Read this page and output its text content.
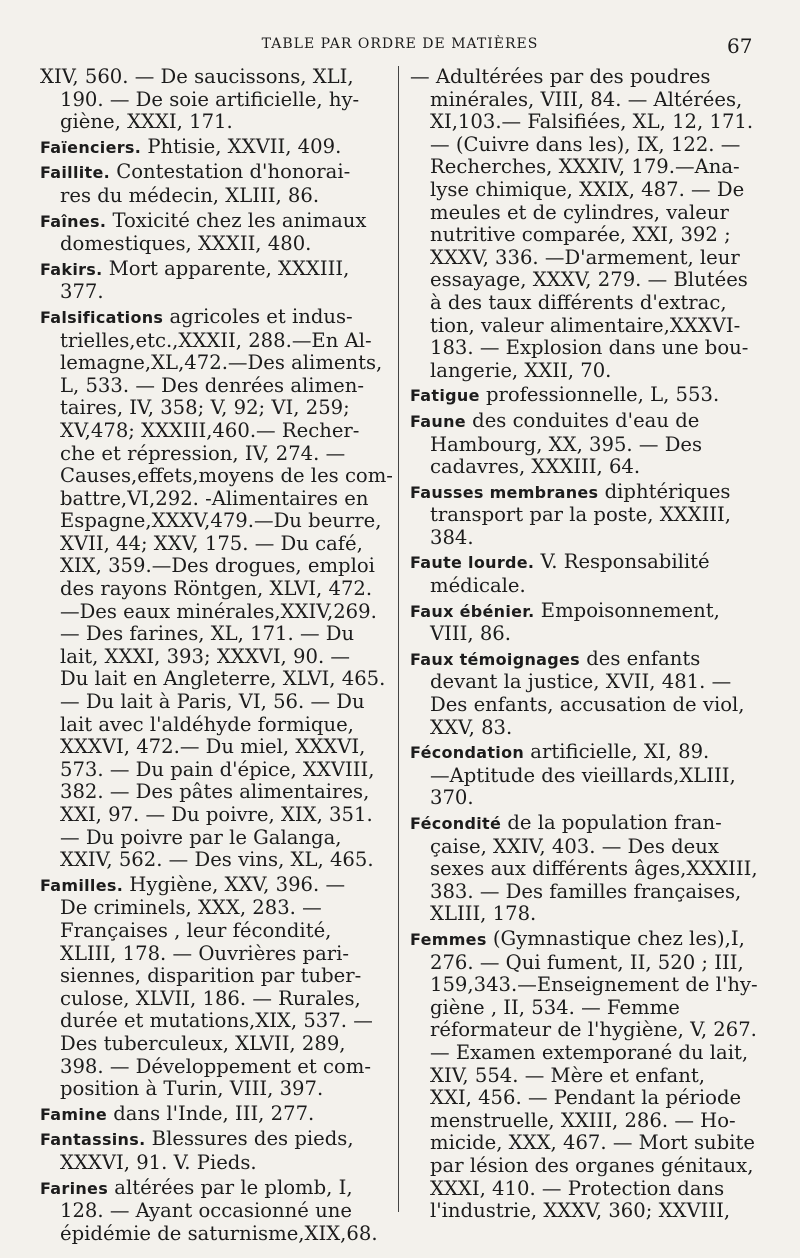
TABLE PAR ORDRE DE MATIÈRES	67
XIV, 560. — De saucissons, XLI,
190. — De soie artificielle, hy-
giène, XXXI, 171.
Faïenciers. Phtisie, XXVII, 409.
Faillite. Contestation d'honorai-
res du médecin, XLIII, 86.
Faînes. Toxicité chez les animaux
domestiques, XXXII, 480.
Fakirs. Mort apparente, XXXIII,
377.
Falsifications agricoles et indus-
trielles,etc.,XXXII, 288.—En Al-
lemagne,XL,472.—Des aliments,
L, 533. — Des denrées alimen-
taires, IV, 358; V, 92; VI, 259;
XV,478; XXXIII,460.— Recher-
che et répression, IV, 274. —
Causes,effets,moyens de les com-
battre,VI,292. -Alimentaires en
Espagne,XXXV,479.—Du beurre,
XVII, 44; XXV, 175. — Du café,
XIX, 359.—Des drogues, emploi
des rayons Röntgen, XLVI, 472.
—Des eaux minérales,XXIV,269.
— Des farines, XL, 171. — Du
lait, XXXI, 393; XXXVI, 90. —
Du lait en Angleterre, XLVI, 465.
— Du lait à Paris, VI, 56. — Du
lait avec l'aldéhyde formique,
XXXVI, 472.— Du miel, XXXVI,
573. — Du pain d'épice, XXVIII,
382. — Des pâtes alimentaires,
XXI, 97. — Du poivre, XIX, 351.
— Du poivre par le Galanga,
XXIV, 562. — Des vins, XL, 465.
Familles. Hygiène, XXV, 396. —
De criminels, XXX, 283. —
Françaises , leur fécondité,
XLIII, 178. — Ouvrières pari-
siennes, disparition par tuber-
culose, XLVII, 186. — Rurales,
durée et mutations,XIX, 537. —
Des tuberculeux, XLVII, 289,
398. — Développement et com-
position à Turin, VIII, 397.
Famine dans l'Inde, III, 277.
Fantassins. Blessures des pieds,
XXXVI, 91. V. Pieds.
Farines altérées par le plomb, I,
128. — Ayant occasionné une
épidémie de saturnisme,XIX,68.
— Adultérées par des poudres
minérales, VIII, 84. — Altérées,
XI,103.— Falsifiées, XL, 12, 171.
— (Cuivre dans les), IX, 122. —
Recherches, XXXIV, 179.—Ana-
lyse chimique, XXIX, 487. — De
meules et de cylindres, valeur
nutritive comparée, XXI, 392 ;
XXXV, 336. —D'armement, leur
essayage, XXXV, 279. — Blutées
à des taux différents d'extrac,
tion, valeur alimentaire,XXXVI-
183. — Explosion dans une bou-
langerie, XXII, 70.
Fatigue professionnelle, L, 553.
Faune des conduites d'eau de
Hambourg, XX, 395. — Des
cadavres, XXXIII, 64.
Fausses membranes diphtériques
transport par la poste, XXXIII,
384.
Faute lourde. V. Responsabilité
médicale.
Faux ébénier. Empoisonnement,
VIII, 86.
Faux témoignages des enfants
devant la justice, XVII, 481. —
Des enfants, accusation de viol,
XXV, 83.
Fécondation artificielle, XI, 89.
—Aptitude des vieillards,XLIII,
370.
Fécondité de la population fran-
çaise, XXIV, 403. — Des deux
sexes aux différents âges,XXXIII,
383. — Des familles françaises,
XLIII, 178.
Femmes (Gymnastique chez les),I,
276. — Qui fument, II, 520 ; III,
159,343.—Enseignement de l'hy-
giène , II, 534. — Femme
réformateur de l'hygiène, V, 267.
— Examen extemporané du lait,
XIV, 554. — Mère et enfant,
XXI, 456. — Pendant la période
menstruelle, XXIII, 286. — Ho-
micide, XXX, 467. — Mort subite
par lésion des organes génitaux,
XXXI, 410. — Protection dans
l'industrie, XXXV, 360; XXVIII,
